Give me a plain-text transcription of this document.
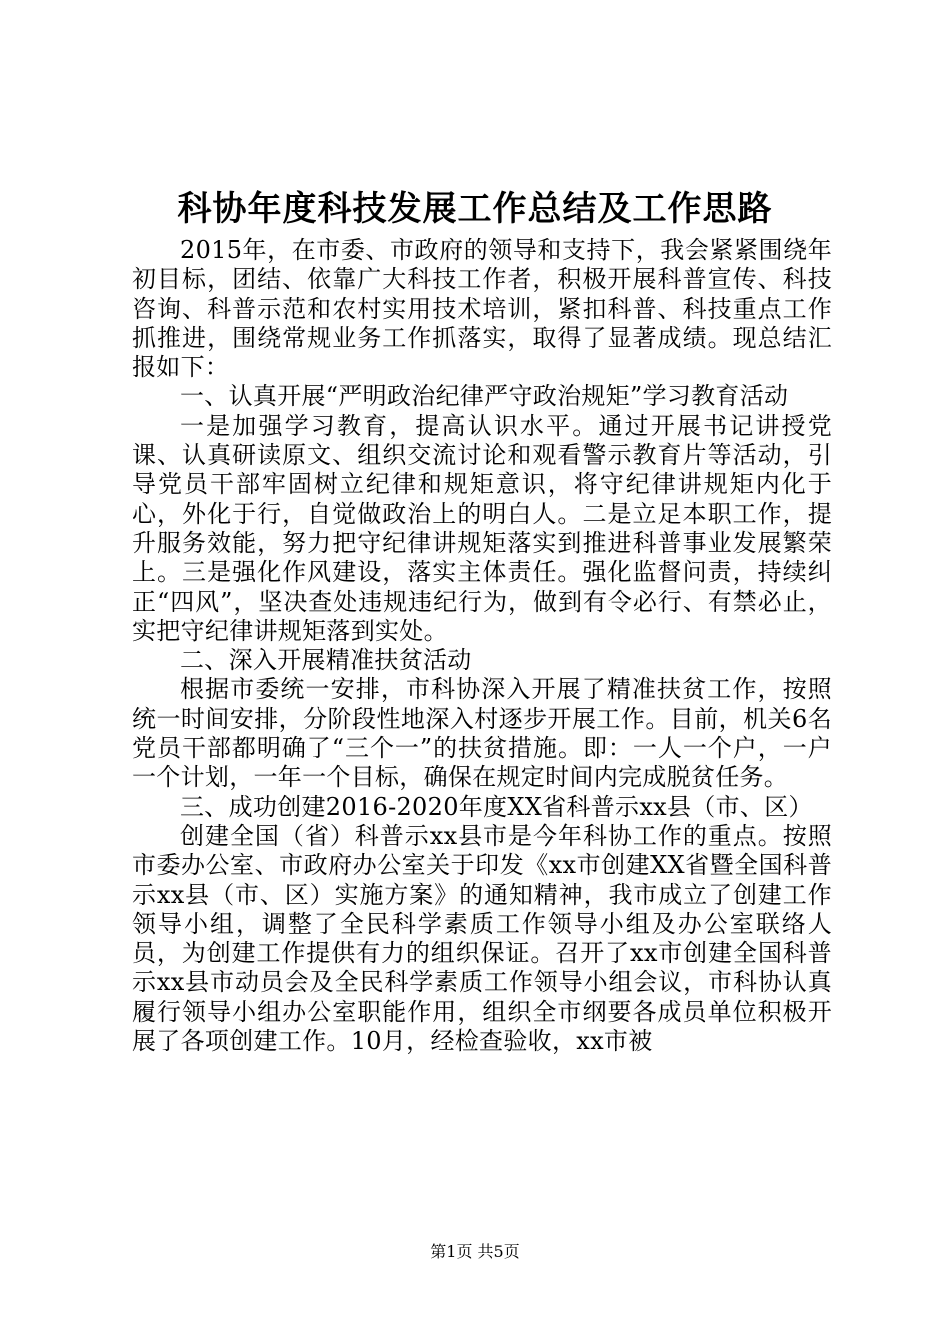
科协年度科技发展工作总结及工作思路

2015年，在市委、市政府的领导和支持下，我会紧紧围绕年初目标，团结、依靠广大科技工作者，积极开展科普宣传、科技咨询、科普示范和农村实用技术培训，紧扣科普、科技重点工作抓推进，围绕常规业务工作抓落实，取得了显著成绩。现总结汇报如下：

一、认真开展“严明政治纪律严守政治规矩”学习教育活动

一是加强学习教育，提高认识水平。通过开展书记讲授党课、认真研读原文、组织交流讨论和观看警示教育片等活动，引导党员干部牢固树立纪律和规矩意识，将守纪律讲规矩内化于心，外化于行，自觉做政治上的明白人。二是立足本职工作，提升服务效能，努力把守纪律讲规矩落实到推进科普事业发展繁荣上。三是强化作风建设，落实主体责任。强化监督问责，持续纠正“四风”，坚决查处违规违纪行为，做到有令必行、有禁必止，实把守纪律讲规矩落到实处。

二、深入开展精准扶贫活动

根据市委统一安排，市科协深入开展了精准扶贫工作，按照统一时间安排，分阶段性地深入村逐步开展工作。目前，机关6名党员干部都明确了“三个一”的扶贫措施。即：一人一个户，一户一个计划，一年一个目标，确保在规定时间内完成脱贫任务。

三、成功创建2016-2020年度XX省科普示xx县（市、区）

创建全国（省）科普示xx县市是今年科协工作的重点。按照市委办公室、市政府办公室关于印发《xx市创建XX省暨全国科普示xx县（市、区）实施方案》的通知精神，我市成立了创建工作领导小组，调整了全民科学素质工作领导小组及办公室联络人员，为创建工作提供有力的组织保证。召开了xx市创建全国科普示xx县市动员会及全民科学素质工作领导小组会议，市科协认真履行领导小组办公室职能作用，组织全市纲要各成员单位积极开展了各项创建工作。10月，经检查验收，xx市被

第1页 共5页
